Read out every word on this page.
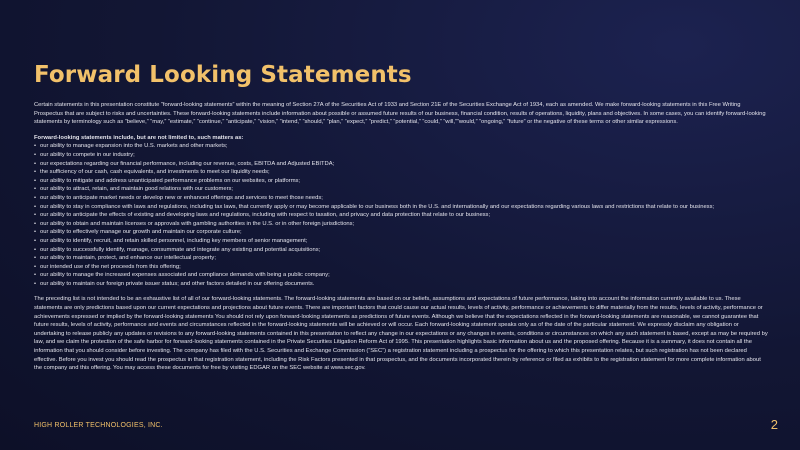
Forward Looking Statements

Certain statements in this presentation constitute “forward-looking statements” within the meaning of Section 27A of the Securities Act of 1933 and Section 21E of the Securities Exchange Act of 1934, each as amended. We make forward-looking statements in this Free Writing Prospectus that are subject to risks and uncertainties. These forward-looking statements include information about possible or assumed future results of our business, financial condition, results of operations, liquidity, plans and objectives. In some cases, you can identify forward-looking statements by terminology such as “believe,” “may,” “estimate,” “continue,” “anticipate,” “vision,” “intend,” “should,” “plan,” “expect,” “predict,” “potential,” “could,” “will,”“would,” “ongoing,” “future” or the negative of these terms or other similar expressions.

Forward-looking statements include, but are not limited to, such matters as:

• our ability to manage expansion into the U.S. markets and other markets;
• our ability to compete in our industry;
• our expectations regarding our financial performance, including our revenue, costs, EBITDA and Adjusted EBITDA;
• the sufficiency of our cash, cash equivalents, and investments to meet our liquidity needs;
• our ability to mitigate and address unanticipated performance problems on our websites, or platforms;
• our ability to attract, retain, and maintain good relations with our customers;
• our ability to anticipate market needs or develop new or enhanced offerings and services to meet those needs;
• our ability to stay in compliance with laws and regulations, including tax laws, that currently apply or may become applicable to our business both in the U.S. and internationally and our expectations regarding various laws and restrictions that relate to our business;
• our ability to anticipate the effects of existing and developing laws and regulations, including with respect to taxation, and privacy and data protection that relate to our business;
• our ability to obtain and maintain licenses or approvals with gambling authorities in the U.S. or in other foreign jurisdictions;
• our ability to effectively manage our growth and maintain our corporate culture;
• our ability to identify, recruit, and retain skilled personnel, including key members of senior management;
• our ability to successfully identify, manage, consummate and integrate any existing and potential acquisitions;
• our ability to maintain, protect, and enhance our intellectual property;
• our intended use of the net proceeds from this offering;
• our ability to manage the increased expenses associated and compliance demands with being a public company;
• our ability to maintain our foreign private issuer status; and other factors detailed in our offering documents.

The preceding list is not intended to be an exhaustive list of all of our forward-looking statements. The forward-looking statements are based on our beliefs, assumptions and expectations of future performance, taking into account the information currently available to us. These statements are only predictions based upon our current expectations and projections about future events. There are important factors that could cause our actual results, levels of activity, performance or achievements to differ materially from the results, levels of activity, performance or achievements expressed or implied by the forward-looking statements You should not rely upon forward-looking statements as predictions of future events. Although we believe that the expectations reflected in the forward-looking statements are reasonable, we cannot guarantee that future results, levels of activity, performance and events and circumstances reflected in the forward-looking statements will be achieved or will occur. Each forward-looking statement speaks only as of the date of the particular statement. We expressly disclaim any obligation or undertaking to release publicly any updates or revisions to any forward-looking statements contained in this presentation to reflect any change in our expectations or any changes in events, conditions or circumstances on which any such statement is based, except as may be required by law, and we claim the protection of the safe harbor for forward-looking statements contained in the Private Securities Litigation Reform Act of 1995. This presentation highlights basic information about us and the proposed offering. Because it is a summary, it does not contain all the information that you should consider before investing. The company has filed with the U.S. Securities and Exchange Commission (“SEC”) a registration statement including a prospectus for the offering to which this presentation relates, but such registration has not been declared effective. Before you invest you should read the prospectus in that registration statement, including the Risk Factors presented in that prospectus, and the documents incorporated therein by reference or filed as exhibits to the registration statement for more complete information about the company and this offering. You may access these documents for free by visiting EDGAR on the SEC website at www.sec.gov.

HIGH ROLLER TECHNOLOGIES, INC.	2
